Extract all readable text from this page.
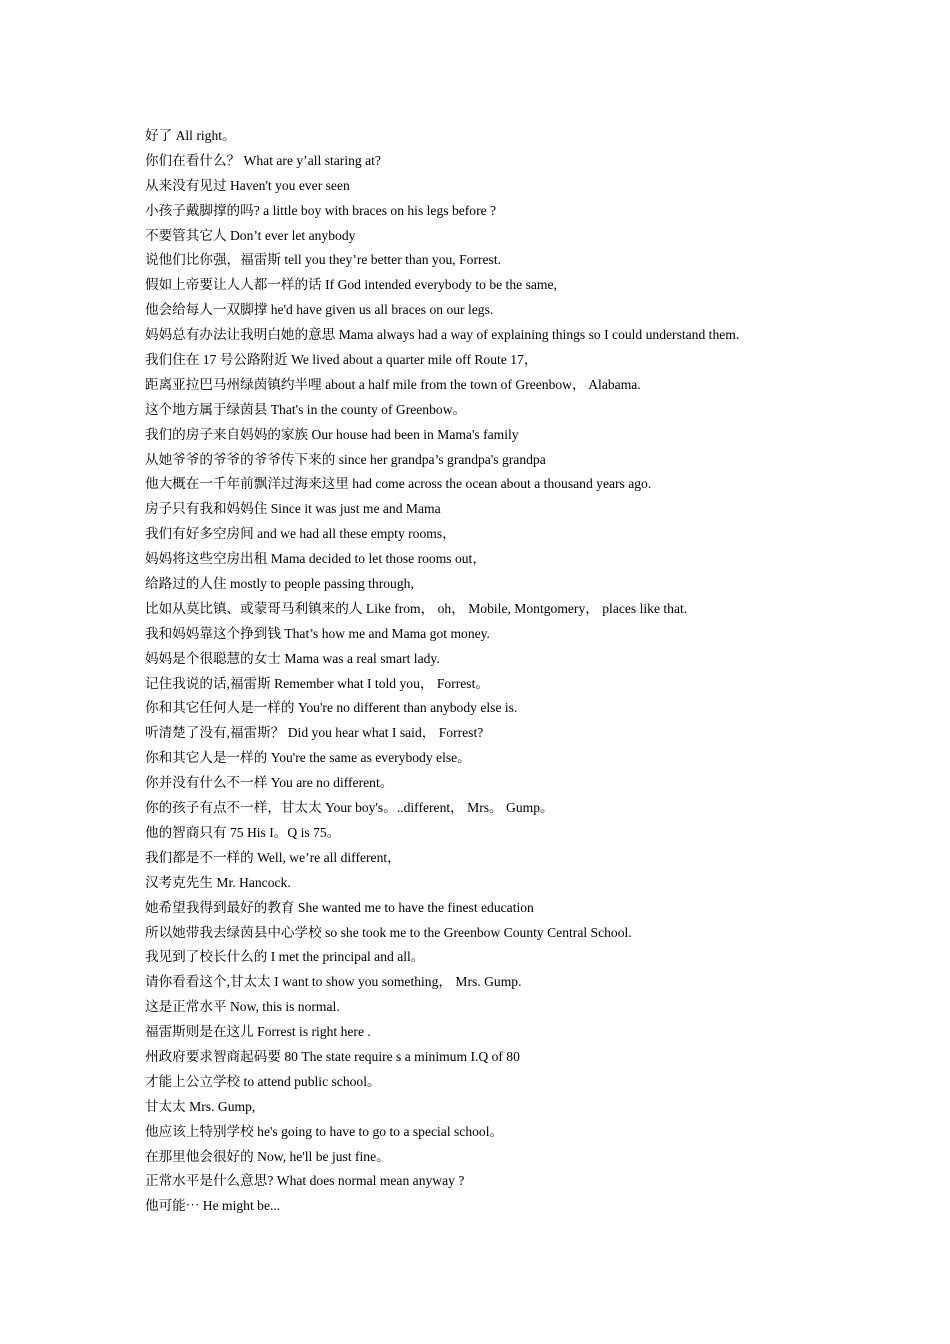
好了 All right。
你们在看什么？ What are y’all staring at?
从来没有见过 Haven't you ever seen
小孩子戴脚撑的吗? a little boy with braces on his legs before ?
不要管其它人 Don’t ever let anybody
说他们比你强，福雷斯 tell you they’re better than you, Forrest.
假如上帝要让人人都一样的话 If God intended everybody to be the same,
他会给每人一双脚撑 he'd have given us all braces on our legs.
妈妈总有办法让我明白她的意思 Mama always had a way of explaining things so I could understand them.
我们住在 17 号公路附近 We lived about a quarter mile off Route 17，
距离亚拉巴马州绿茵镇约半哩 about a half mile from the town of Greenbow， Alabama.
这个地方属于绿茵县 That's in the county of Greenbow。
我们的房子来自妈妈的家族 Our house had been in Mama's family
从她爷爷的爷爷的爷爷传下来的 since her grandpa’s grandpa's grandpa
他大概在一千年前飘洋过海来这里 had come across the ocean about a thousand years ago.
房子只有我和妈妈住 Since it was just me and Mama
我们有好多空房间 and we had all these empty rooms，
妈妈将这些空房出租 Mama decided to let those rooms out，
给路过的人住 mostly to people passing through,
比如从莫比镇、或蒙哥马利镇来的人 Like from， oh， Mobile, Montgomery， places like that.
我和妈妈靠这个挣到钱 That’s how me and Mama got money.
妈妈是个很聪慧的女士 Mama was a real smart lady.
记住我说的话,福雷斯 Remember what I told you， Forrest。
你和其它任何人是一样的 You're no different than anybody else is.
听清楚了没有,福雷斯？ Did you hear what I said， Forrest?
你和其它人是一样的 You're the same as everybody else。
你并没有什么不一样 You are no different。
你的孩子有点不一样，甘太太 Your boy's。..different， Mrs。 Gump。
他的智商只有 75 His I。Q is 75。
我们都是不一样的 Well, we’re all different，
汉考克先生 Mr. Hancock.
她希望我得到最好的教育 She wanted me to have the finest education
所以她带我去绿茵县中心学校 so she took me to the Greenbow County Central School.
我见到了校长什么的 I met the principal and all。
请你看看这个,甘太太 I want to show you something， Mrs. Gump.
这是正常水平 Now, this is normal.
福雷斯则是在这儿 Forrest is right here .
州政府要求智商起码要 80 The state require s a minimum I.Q of 80
才能上公立学校 to attend public school。
甘太太 Mrs. Gump,
他应该上特别学校 he's going to have to go to a special school。
在那里他会很好的 Now, he'll be just fine。
正常水平是什么意思? What does normal mean anyway ?
他可能⋯ He might be...
